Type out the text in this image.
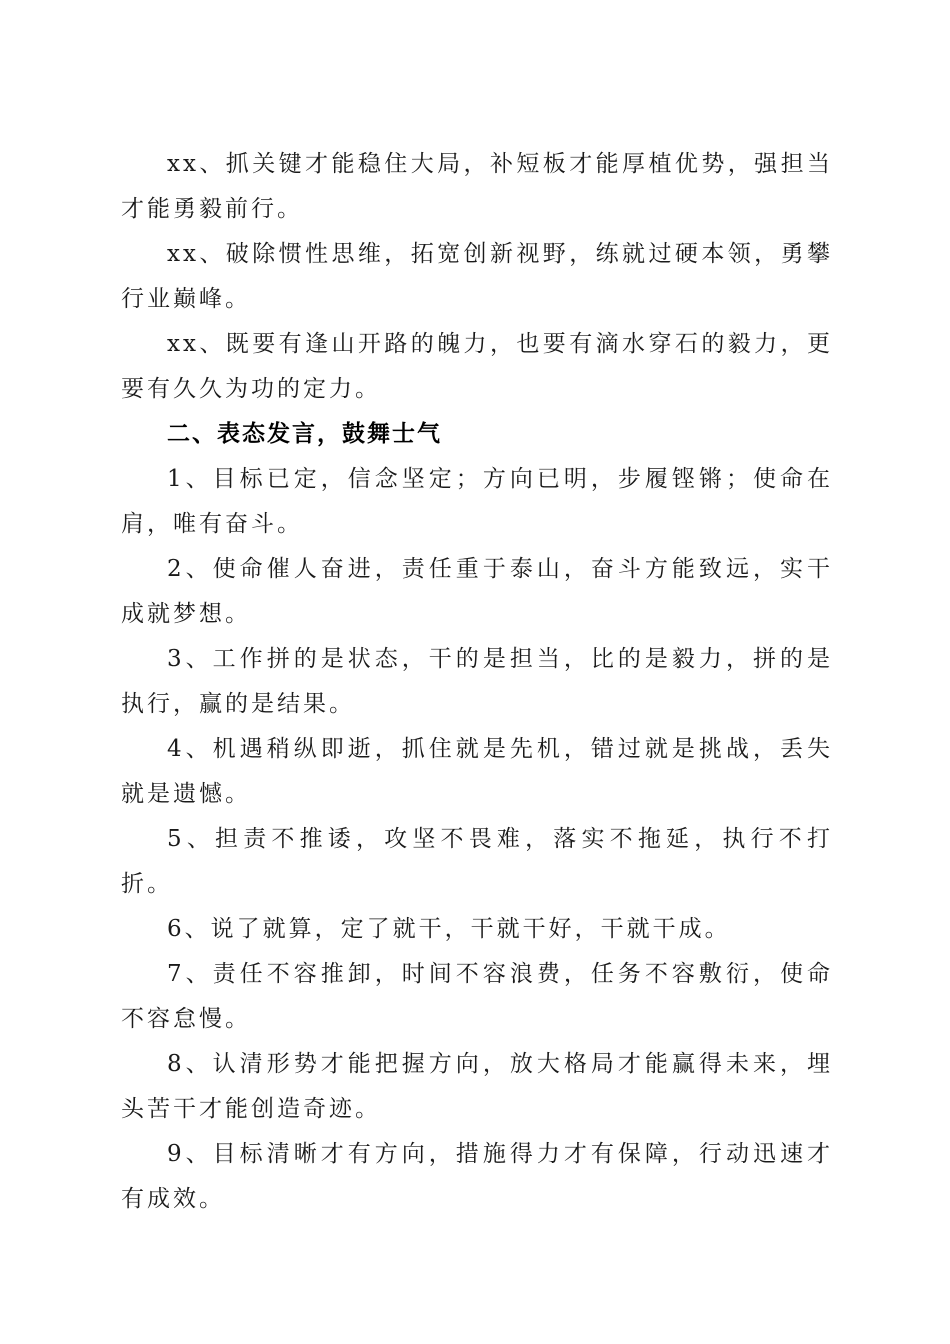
xx、抓关键才能稳住大局，补短板才能厚植优势，强担当才能勇毅前行。

xx、破除惯性思维，拓宽创新视野，练就过硬本领，勇攀行业巅峰。

xx、既要有逢山开路的魄力，也要有滴水穿石的毅力，更要有久久为功的定力。

二、表态发言，鼓舞士气

1、目标已定，信念坚定；方向已明，步履铿锵；使命在肩，唯有奋斗。

2、使命催人奋进，责任重于泰山，奋斗方能致远，实干成就梦想。

3、工作拼的是状态，干的是担当，比的是毅力，拼的是执行，赢的是结果。

4、机遇稍纵即逝，抓住就是先机，错过就是挑战，丢失就是遗憾。

5、担责不推诿，攻坚不畏难，落实不拖延，执行不打折。

6、说了就算，定了就干，干就干好，干就干成。

7、责任不容推卸，时间不容浪费，任务不容敷衍，使命不容怠慢。

8、认清形势才能把握方向，放大格局才能赢得未来，埋头苦干才能创造奇迹。

9、目标清晰才有方向，措施得力才有保障，行动迅速才有成效。
